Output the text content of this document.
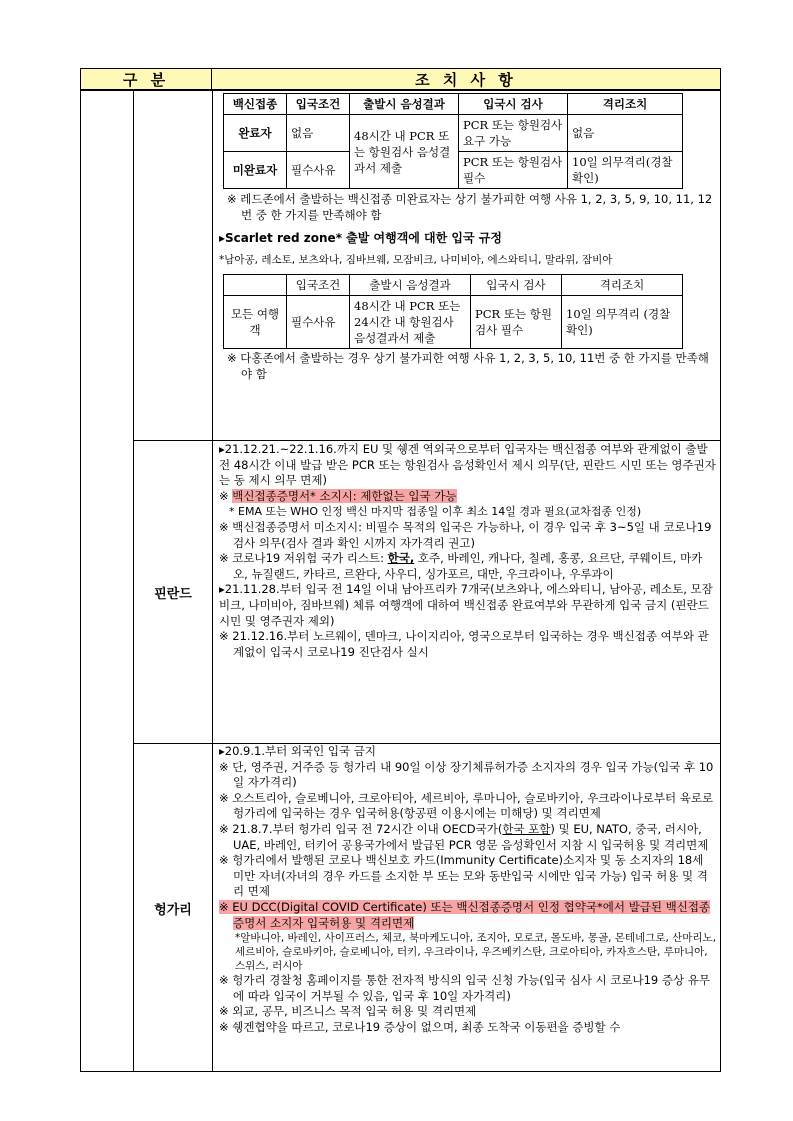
구 분	조 치 사 항
백신접종	입국조건	출발시 음성결과	입국시 검사	격리조치
완료자	없음	48시간 내 PCR 또는 항원검사 음성결과서 제출	PCR 또는 항원검사 요구 가능	없음
미완료자	필수사유		PCR 또는 항원검사 필수	10일 의무격리(경찰 확인)

※ 레드존에서 출발하는 백신접종 미완료자는 상기 불가피한 여행 사유 1, 2, 3, 5, 9, 10, 11, 12번 중 한 가지를 만족해야 함

▸Scarlet red zone* 출발 여행객에 대한 입국 규정

*남아공, 레소토, 보츠와나, 짐바브웨, 모잠비크, 나미비아, 에스와티니, 말라위, 잠비아

	입국조건	출발시 음성결과	입국시 검사	격리조치
모든 여행객	필수사유	48시간 내 PCR 또는 24시간 내 항원검사 음성결과서 제출	PCR 또는 항원검사 필수	10일 의무격리 (경찰 확인)

※ 다홍존에서 출발하는 경우 상기 불가피한 여행 사유 1, 2, 3, 5, 10, 11번 중 한 가지를 만족해야 함

핀란드

▸21.12.21.~22.1.16.까지 EU 및 쉥겐 역외국으로부터 입국자는 백신접종 여부와 관계없이 출발 전 48시간 이내 발급 받은 PCR 또는 항원검사 음성확인서 제시 의무(단, 핀란드 시민 또는 영주권자는 동 제시 의무 면제)

※ 백신접종증명서* 소지시: 제한없는 입국 가능

* EMA 또는 WHO 인정 백신 마지막 접종일 이후 최소 14일 경과 필요(교차접종 인정)

※ 백신접종증명서 미소지시: 비필수 목적의 입국은 가능하나, 이 경우 입국 후 3~5일 내 코로나19 검사 의무(검사 결과 확인 시까지 자가격리 권고)

※ 코로나19 저위험 국가 리스트: 한국, 호주, 바레인, 캐나다, 칠레, 홍콩, 요르단, 쿠웨이트, 마카오, 뉴질랜드, 카타르, 르완다, 사우디, 싱가포르, 대만, 우크라이나, 우루과이

▸21.11.28.부터 입국 전 14일 이내 남아프리카 7개국(보츠와나, 에스와티니, 남아공, 레소토, 모잠비크, 나미비아, 짐바브웨) 체류 여행객에 대하여 백신접종 완료여부와 무관하게 입국 금지 (핀란드 시민 및 영주권자 제외)

※ 21.12.16.부터 노르웨이, 덴마크, 나이지리아, 영국으로부터 입국하는 경우 백신접종 여부와 관계없이 입국시 코로나19 진단검사 실시

헝가리

▸20.9.1.부터 외국인 입국 금지

※ 단, 영주권, 거주증 등 헝가리 내 90일 이상 장기체류허가증 소지자의 경우 입국 가능(입국 후 10일 자가격리)

※ 오스트리아, 슬로베니아, 크로아티아, 세르비아, 루마니아, 슬로바키아, 우크라이나로부터 육로로 헝가리에 입국하는 경우 입국허용(항공편 이용시에는 미해당) 및 격리면제

※ 21.8.7.부터 헝가리 입국 전 72시간 이내 OECD국가(한국 포함) 및 EU, NATO, 중국, 러시아, UAE, 바레인, 터키어 공용국가에서 발급된 PCR 영문 음성확인서 지참 시 입국허용 및 격리면제

※ 헝가리에서 발행된 코로나 백신보호 카드(Immunity Certificate)소지자 및 동 소지자의 18세 미만 자녀(자녀의 경우 카드를 소지한 부 또는 모와 동반입국 시에만 입국 가능) 입국 허용 및 격리 면제

※ EU DCC(Digital COVID Certificate) 또는 백신접종증명서 인정 협약국*에서 발급된 백신접종증명서 소지자 입국허용 및 격리면제

*알바니아, 바레인, 사이프러스, 체코, 북마케도니아, 조지아, 모로코, 몰도바, 몽골, 몬테네그로, 산마리노, 세르비아, 슬로바키아, 슬로베니아, 터키, 우크라이나, 우즈베키스탄, 크로아티아, 카자흐스탄, 루마니아, 스위스, 러시아

※ 헝가리 경찰청 홈페이지를 통한 전자적 방식의 입국 신청 가능(입국 심사 시 코로나19 증상 유무에 따라 입국이 거부될 수 있음, 입국 후 10일 자가격리)

※ 외교, 공무, 비즈니스 목적 입국 허용 및 격리면제

※ 쉥겐협약을 따르고, 코로나19 증상이 없으며, 최종 도착국 이동편을 증빙할 수
